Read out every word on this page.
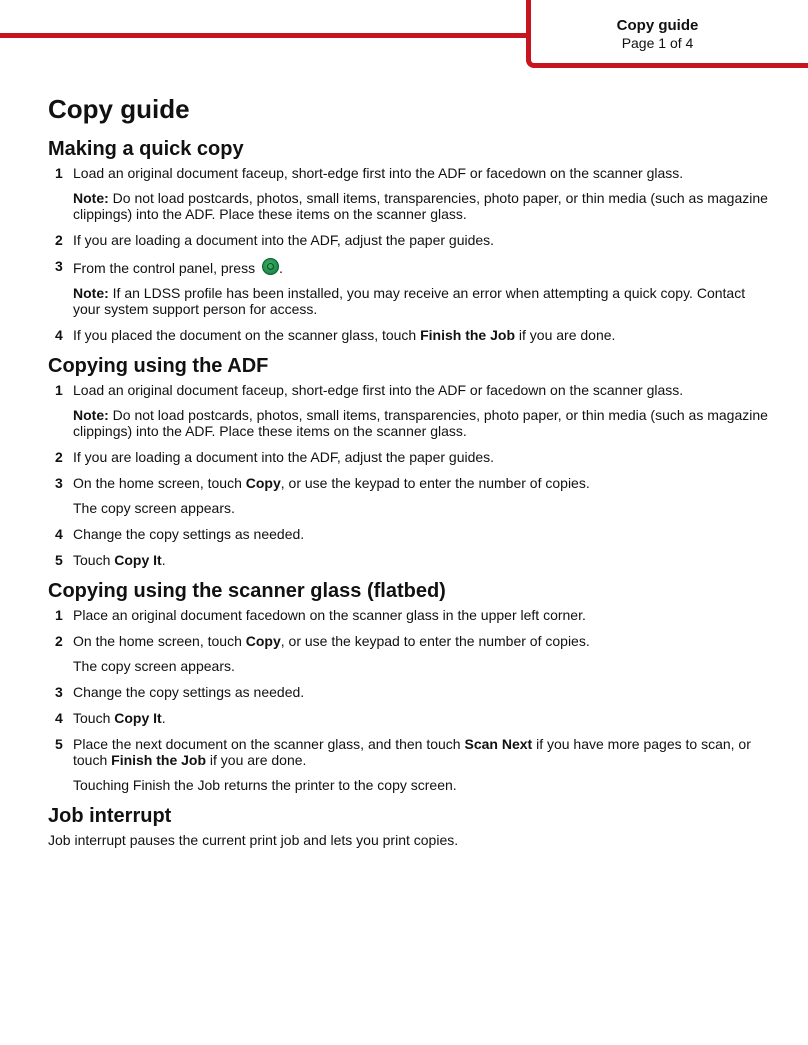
Copy guide
Page 1 of 4
Copy guide
Making a quick copy
1 Load an original document faceup, short-edge first into the ADF or facedown on the scanner glass.
Note: Do not load postcards, photos, small items, transparencies, photo paper, or thin media (such as magazine clippings) into the ADF. Place these items on the scanner glass.
2 If you are loading a document into the ADF, adjust the paper guides.
3 From the control panel, press .
Note: If an LDSS profile has been installed, you may receive an error when attempting a quick copy. Contact your system support person for access.
4 If you placed the document on the scanner glass, touch Finish the Job if you are done.
Copying using the ADF
1 Load an original document faceup, short-edge first into the ADF or facedown on the scanner glass.
Note: Do not load postcards, photos, small items, transparencies, photo paper, or thin media (such as magazine clippings) into the ADF. Place these items on the scanner glass.
2 If you are loading a document into the ADF, adjust the paper guides.
3 On the home screen, touch Copy, or use the keypad to enter the number of copies.
The copy screen appears.
4 Change the copy settings as needed.
5 Touch Copy It.
Copying using the scanner glass (flatbed)
1 Place an original document facedown on the scanner glass in the upper left corner.
2 On the home screen, touch Copy, or use the keypad to enter the number of copies.
The copy screen appears.
3 Change the copy settings as needed.
4 Touch Copy It.
5 Place the next document on the scanner glass, and then touch Scan Next if you have more pages to scan, or touch Finish the Job if you are done.
Touching Finish the Job returns the printer to the copy screen.
Job interrupt

Job interrupt pauses the current print job and lets you print copies.
